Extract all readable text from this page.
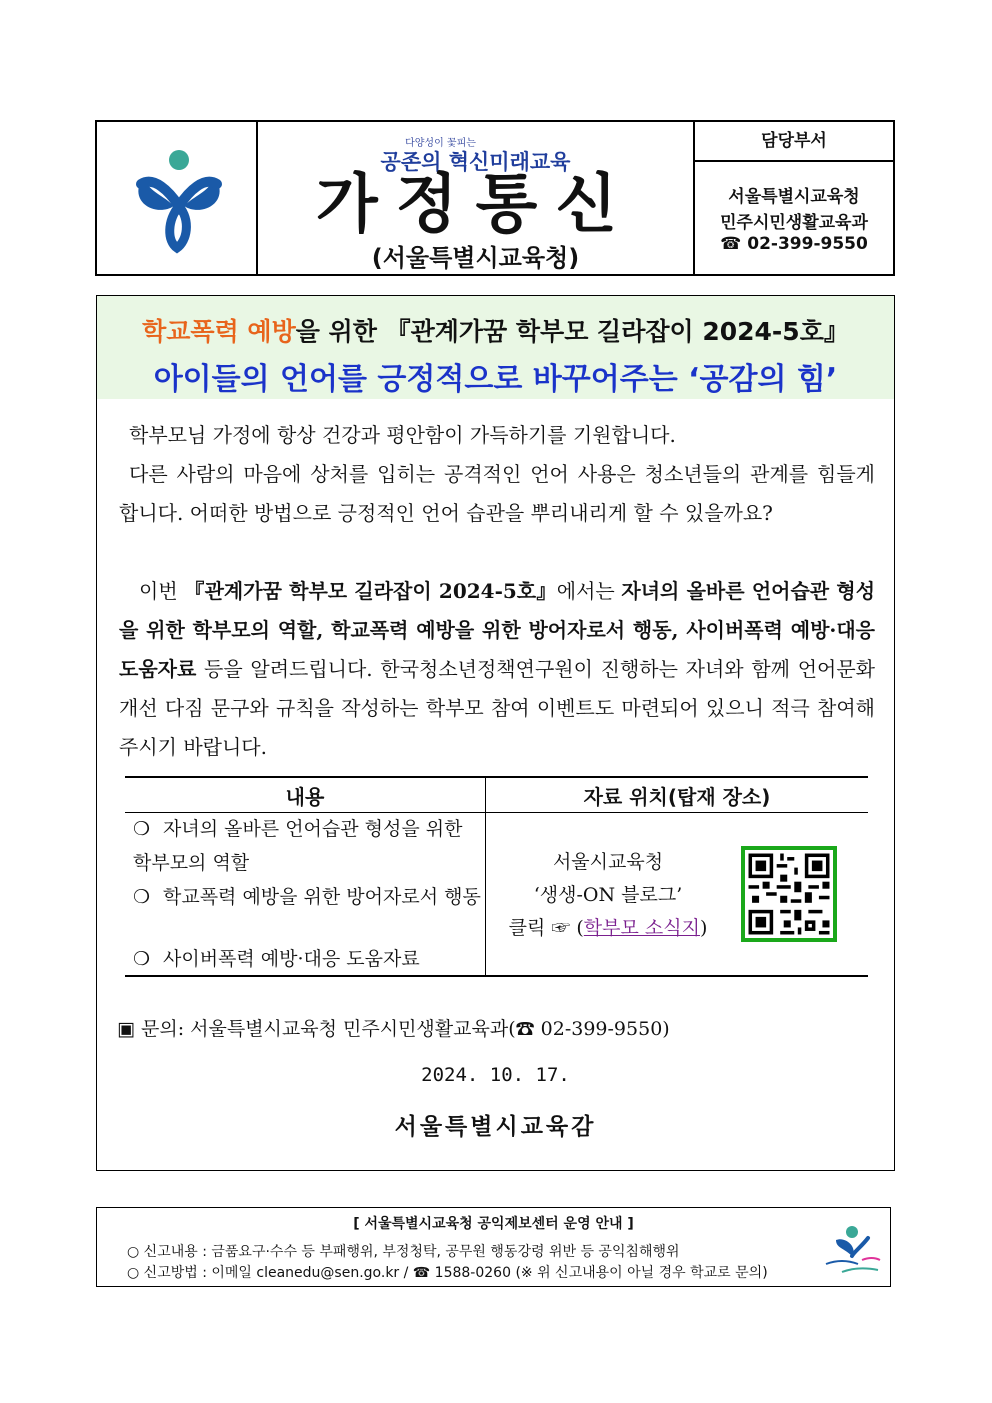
다양성이 꽃피는
공존의 혁신미래교육
가정통신
(서울특별시교육청)
담당부서
서울특별시교육청
민주시민생활교육과
☎ 02-399-9550
학교폭력 예방을 위한 『관계가꿈 학부모 길라잡이 2024-5호』
아이들의 언어를 긍정적으로 바꾸어주는 ‘공감의 힘’
학부모님 가정에 항상 건강과 평안함이 가득하기를 기원합니다.
다른 사람의 마음에 상처를 입히는 공격적인 언어 사용은 청소년들의 관계를 힘들게 합니다. 어떠한 방법으로 긍정적인 언어 습관을 뿌리내리게 할 수 있을까요?
이번 『관계가꿈 학부모 길라잡이 2024-5호』에서는 자녀의 올바른 언어습관 형성을 위한 학부모의 역할, 학교폭력 예방을 위한 방어자로서 행동, 사이버폭력 예방·대응 도움자료 등을 알려드립니다. 한국청소년정책연구원이 진행하는 자녀와 함께 언어문화 개선 다짐 문구와 규칙을 작성하는 학부모 참여 이벤트도 마련되어 있으니 적극 참여해 주시기 바랍니다.
내용	자료 위치(탑재 장소)
❍ 자녀의 올바른 언어습관 형성을 위한 학부모의 역할
❍ 학교폭력 예방을 위한 방어자로서 행동
❍ 사이버폭력 예방·대응 도움자료
서울시교육청
‘생생-ON 블로그’
클릭 ☞ (학부모 소식지)
▣ 문의: 서울특별시교육청 민주시민생활교육과(☎ 02-399-9550)
2024. 10. 17.
서울특별시교육감
[ 서울특별시교육청 공익제보센터 운영 안내 ]
○ 신고내용 : 금품요구·수수 등 부패행위, 부정청탁, 공무원 행동강령 위반 등 공익침해행위
○ 신고방법 : 이메일 cleanedu@sen.go.kr / ☎ 1588-0260 (※ 위 신고내용이 아닐 경우 학교로 문의)
